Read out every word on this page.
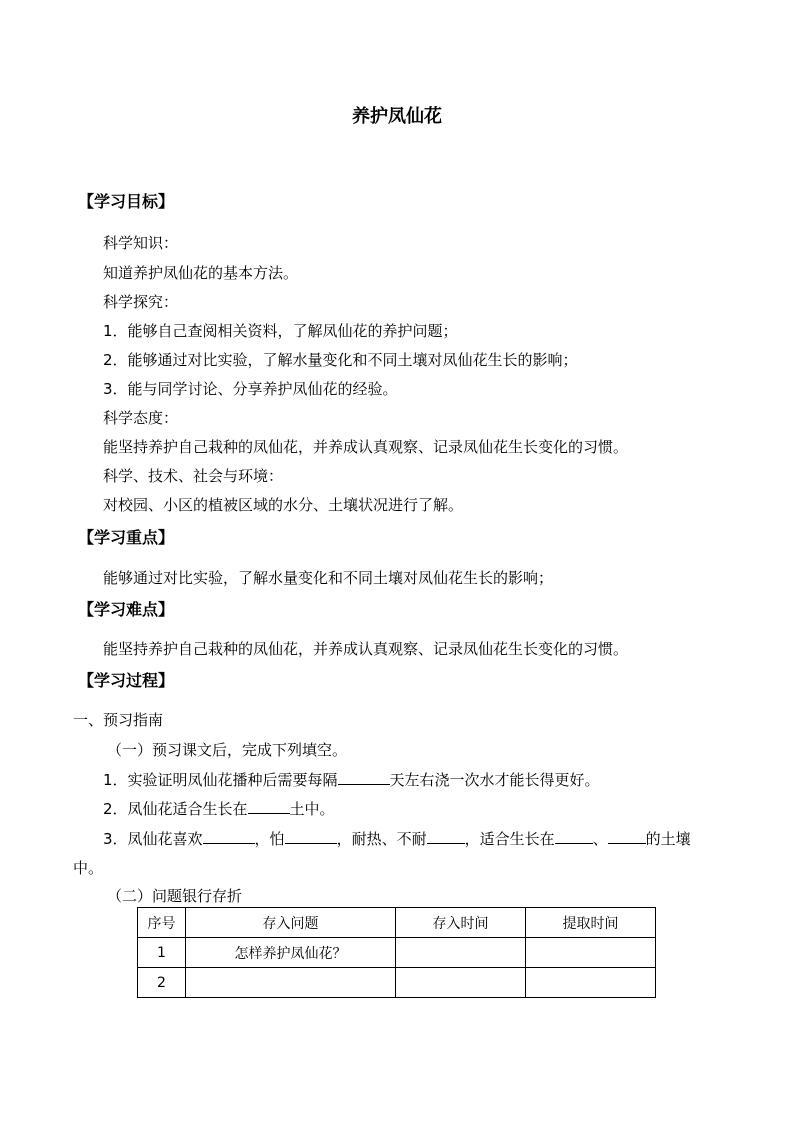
养护凤仙花
【学习目标】
科学知识：
知道养护凤仙花的基本方法。
科学探究：
1．能够自己查阅相关资料，了解凤仙花的养护问题；
2．能够通过对比实验，了解水量变化和不同土壤对凤仙花生长的影响；
3．能与同学讨论、分享养护凤仙花的经验。
科学态度：
能坚持养护自己栽种的凤仙花，并养成认真观察、记录凤仙花生长变化的习惯。
科学、技术、社会与环境：
对校园、小区的植被区域的水分、土壤状况进行了解。
【学习重点】
能够通过对比实验，了解水量变化和不同土壤对凤仙花生长的影响；
【学习难点】
能坚持养护自己栽种的凤仙花，并养成认真观察、记录凤仙花生长变化的习惯。
【学习过程】
一、预习指南
（一）预习课文后，完成下列填空。
1．实验证明凤仙花播种后需要每隔	天左右浇一次水才能长得更好。
2．凤仙花适合生长在	土中。
3．凤仙花喜欢	，怕	，耐热、不耐	，适合生长在	、	的土壤
中。
（二）问题银行存折
序号	存入问题	存入时间	提取时间
1	怎样养护凤仙花？		
2			
